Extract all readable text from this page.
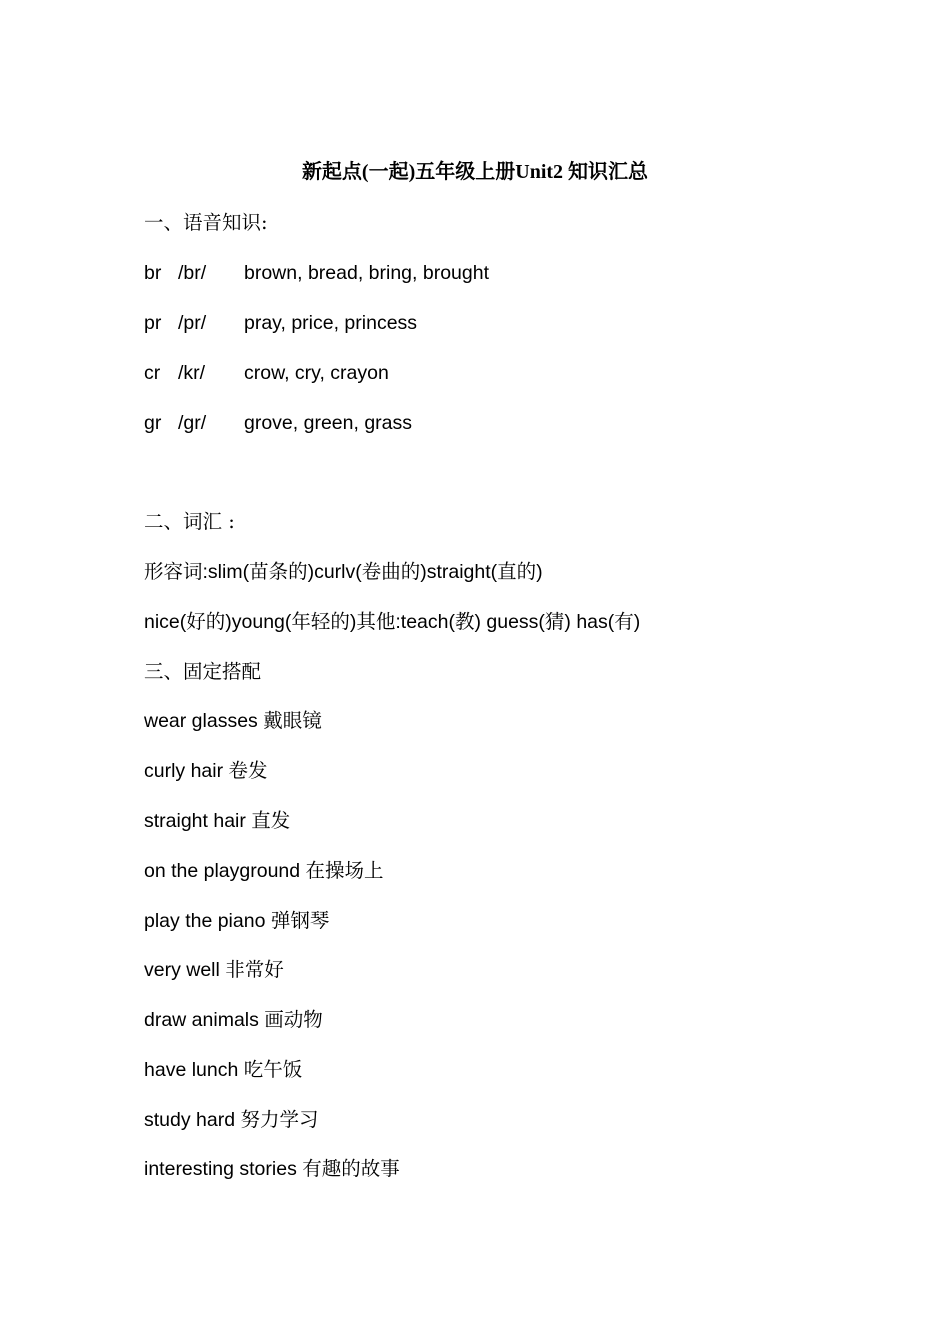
新起点(一起)五年级上册Unit2 知识汇总
一、语音知识:

br

/br/

brown, bread, bring, brought

pr

/pr/

pray, price, princess

cr

/kr/

crow, cry, crayon

gr

/gr/

grove, green, grass

二、词汇 :
形容词:slim(苗条的)curlv(卷曲的)straight(直的)
nice(好的)young(年轻的)其他:teach(教) guess(猜) has(有)
三、固定搭配
wear glasses 戴眼镜
curly hair 卷发
straight hair 直发
on the playground 在操场上
play the piano 弹钢琴
very well 非常好
draw animals 画动物
have lunch 吃午饭
study hard 努力学习
interesting stories 有趣的故事
